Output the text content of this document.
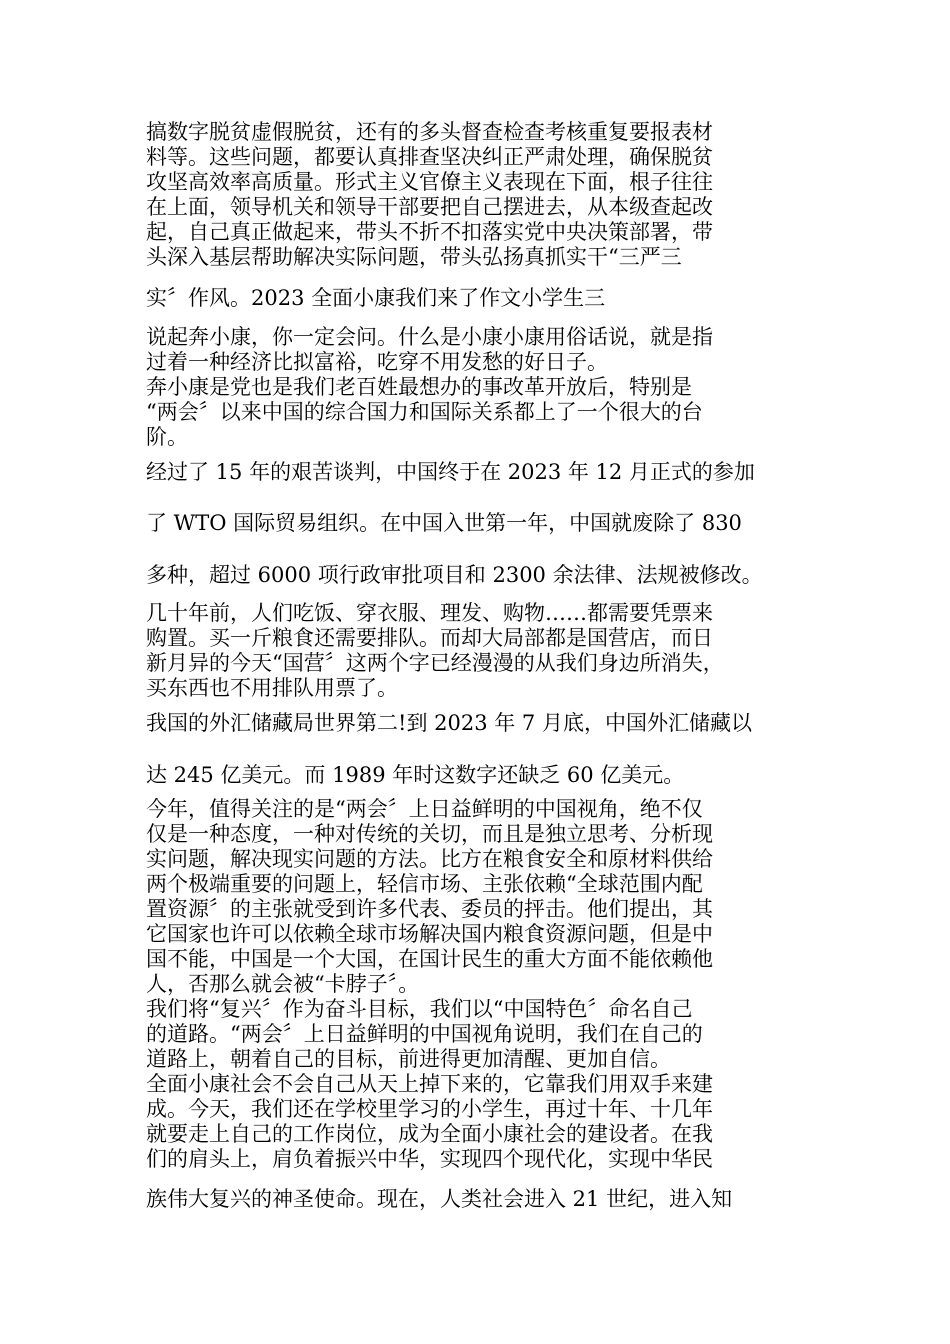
搞数字脱贫虚假脱贫，还有的多头督查检查考核重复要报表材
料等。这些问题，都要认真排查坚决纠正严肃处理，确保脱贫
攻坚高效率高质量。形式主义官僚主义表现在下面，根子往往
在上面，领导机关和领导干部要把自己摆进去，从本级查起改
起，自己真正做起来，带头不折不扣落实党中央决策部署，带
头深入基层帮助解决实际问题，带头弘扬真抓实干“三严三
实〞作风。2023 全面小康我们来了作文小学生三
说起奔小康，你一定会问。什么是小康小康用俗话说，就是指
过着一种经济比拟富裕，吃穿不用发愁的好日子。
奔小康是党也是我们老百姓最想办的事改革开放后，特别是
“两会〞以来中国的综合国力和国际关系都上了一个很大的台
阶。
经过了 15 年的艰苦谈判，中国终于在 2023 年 12 月正式的参加
了 WTO 国际贸易组织。在中国入世第一年，中国就废除了 830
多种，超过 6000 项行政审批项目和 2300 余法律、法规被修改。
几十年前，人们吃饭、穿衣服、理发、购物……都需要凭票来
购置。买一斤粮食还需要排队。而却大局部都是国营店，而日
新月异的今天“国营〞这两个字已经漫漫的从我们身边所消失，
买东西也不用排队用票了。
我国的外汇储藏局世界第二!到 2023 年 7 月底，中国外汇储藏以
达 245 亿美元。而 1989 年时这数字还缺乏 60 亿美元。
今年，值得关注的是“两会〞上日益鲜明的中国视角，绝不仅
仅是一种态度，一种对传统的关切，而且是独立思考、分析现
实问题，解决现实问题的方法。比方在粮食安全和原材料供给
两个极端重要的问题上，轻信市场、主张依赖“全球范围内配
置资源〞的主张就受到许多代表、委员的抨击。他们提出，其
它国家也许可以依赖全球市场解决国内粮食资源问题，但是中
国不能，中国是一个大国，在国计民生的重大方面不能依赖他
人，否那么就会被“卡脖子〞。
我们将“复兴〞作为奋斗目标，我们以“中国特色〞命名自己
的道路。“两会〞上日益鲜明的中国视角说明，我们在自己的
道路上，朝着自己的目标，前进得更加清醒、更加自信。
全面小康社会不会自己从天上掉下来的，它靠我们用双手来建
成。今天，我们还在学校里学习的小学生，再过十年、十几年
就要走上自己的工作岗位，成为全面小康社会的建设者。在我
们的肩头上，肩负着振兴中华，实现四个现代化，实现中华民
族伟大复兴的神圣使命。现在，人类社会进入 21 世纪，进入知
